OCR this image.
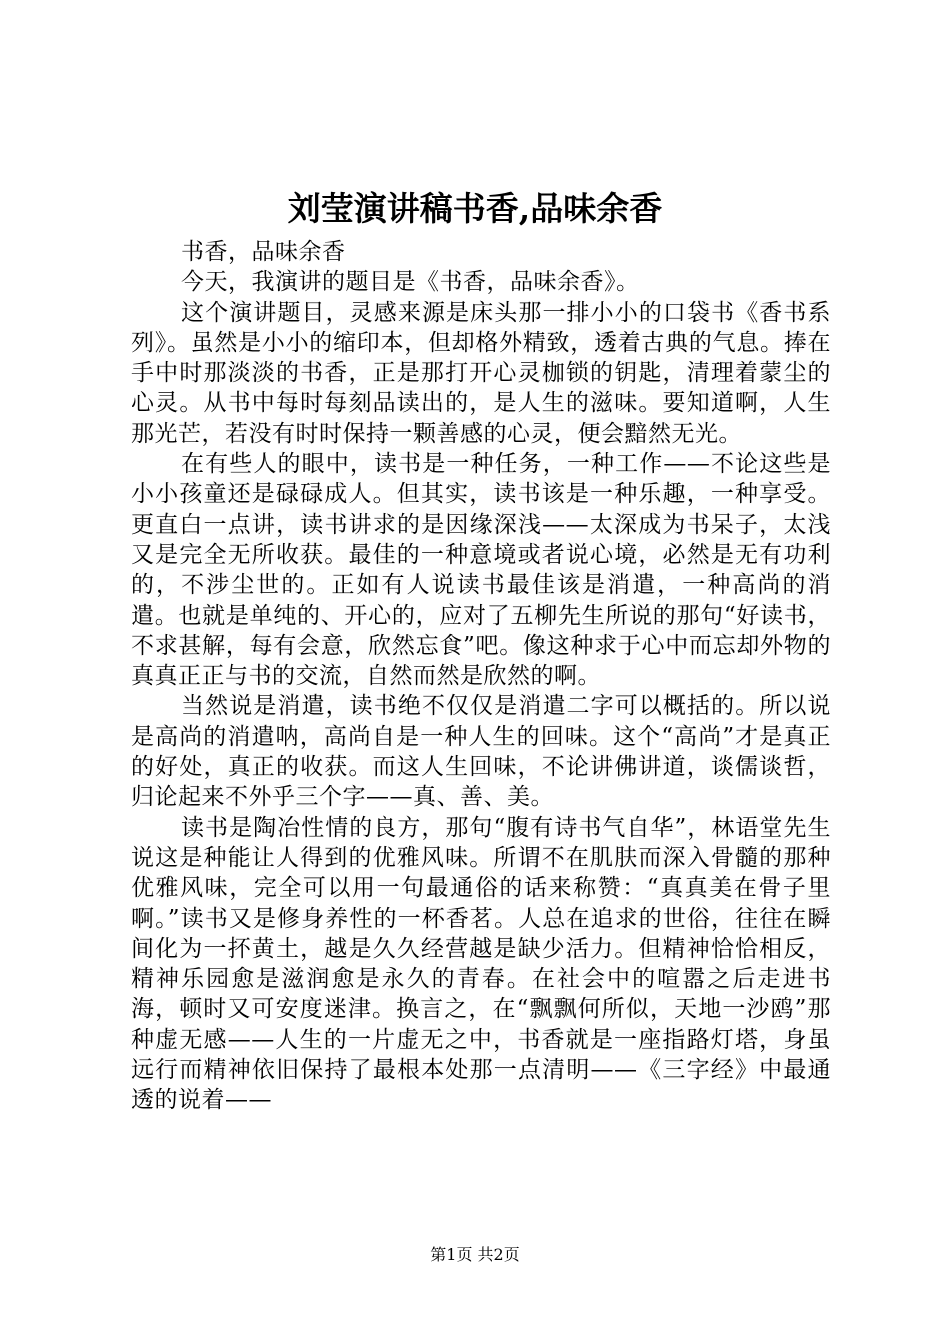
刘莹演讲稿书香,品味余香

书香，品味余香

今天，我演讲的题目是《书香，品味余香》。

这个演讲题目，灵感来源是床头那一排小小的口袋书《香书系列》。虽然是小小的缩印本，但却格外精致，透着古典的气息。捧在手中时那淡淡的书香，正是那打开心灵枷锁的钥匙，清理着蒙尘的心灵。从书中每时每刻品读出的，是人生的滋味。要知道啊，人生那光芒，若没有时时保持一颗善感的心灵，便会黯然无光。

在有些人的眼中，读书是一种任务，一种工作——不论这些是小小孩童还是碌碌成人。但其实，读书该是一种乐趣，一种享受。更直白一点讲，读书讲求的是因缘深浅——太深成为书呆子，太浅又是完全无所收获。最佳的一种意境或者说心境，必然是无有功利的，不涉尘世的。正如有人说读书最佳该是消遣，一种高尚的消遣。也就是单纯的、开心的，应对了五柳先生所说的那句“好读书，不求甚解，每有会意，欣然忘食”吧。像这种求于心中而忘却外物的真真正正与书的交流，自然而然是欣然的啊。

当然说是消遣，读书绝不仅仅是消遣二字可以概括的。所以说是高尚的消遣呐，高尚自是一种人生的回味。这个“高尚”才是真正的好处，真正的收获。而这人生回味，不论讲佛讲道，谈儒谈哲，归论起来不外乎三个字——真、善、美。

读书是陶冶性情的良方，那句“腹有诗书气自华”，林语堂先生说这是种能让人得到的优雅风味。所谓不在肌肤而深入骨髓的那种优雅风味，完全可以用一句最通俗的话来称赞：“真真美在骨子里啊。”读书又是修身养性的一杯香茗。人总在追求的世俗，往往在瞬间化为一抔黄土，越是久久经营越是缺少活力。但精神恰恰相反，精神乐园愈是滋润愈是永久的青春。在社会中的喧嚣之后走进书海，顿时又可安度迷津。换言之，在“飘飘何所似，天地一沙鸥”那种虚无感——人生的一片虚无之中，书香就是一座指路灯塔，身虽远行而精神依旧保持了最根本处那一点清明——《三字经》中最通透的说着——

第1页 共2页
